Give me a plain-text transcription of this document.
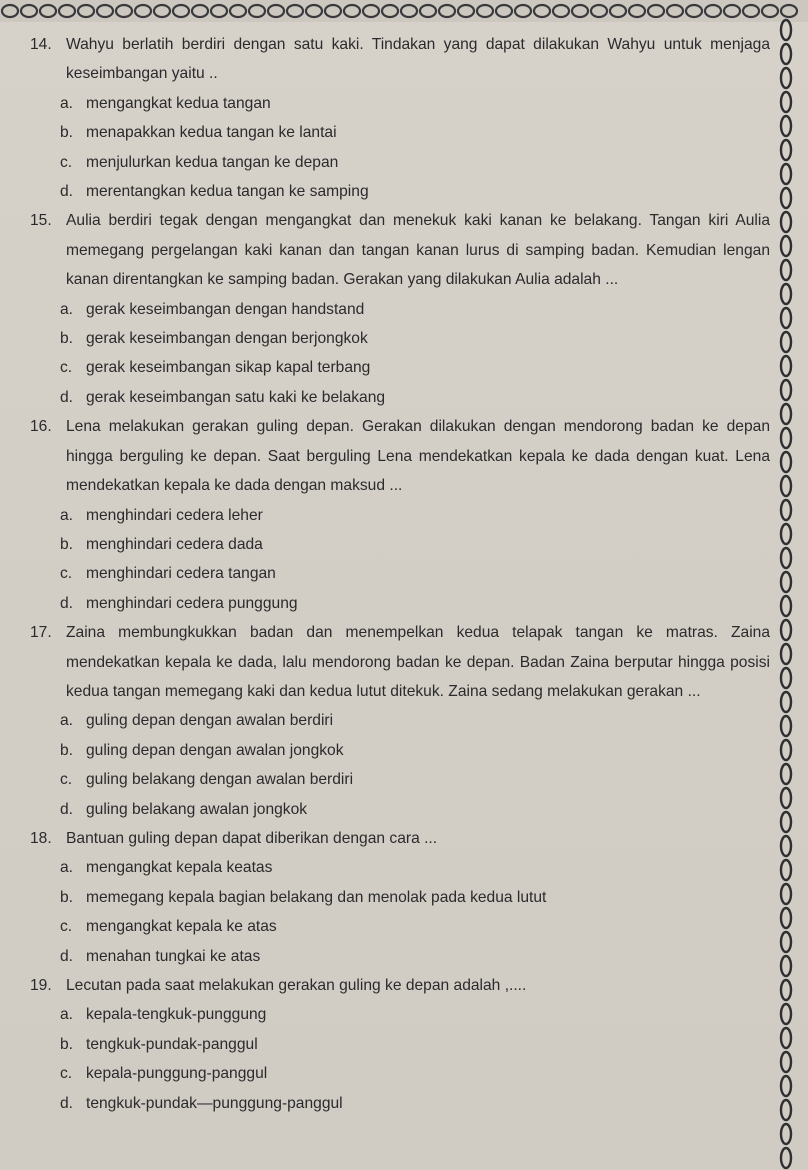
14. Wahyu berlatih berdiri dengan satu kaki. Tindakan yang dapat dilakukan Wahyu untuk menjaga keseimbangan yaitu ..
a. mengangkat kedua tangan
b. menapakkan kedua tangan ke lantai
c. menjulurkan kedua tangan ke depan
d. merentangkan kedua tangan ke samping
15. Aulia berdiri tegak dengan mengangkat dan menekuk kaki kanan ke belakang. Tangan kiri Aulia memegang pergelangan kaki kanan dan tangan kanan lurus di samping badan. Kemudian lengan kanan direntangkan ke samping badan. Gerakan yang dilakukan Aulia adalah ...
a. gerak keseimbangan dengan handstand
b. gerak keseimbangan dengan berjongkok
c. gerak keseimbangan sikap kapal terbang
d. gerak keseimbangan satu kaki ke belakang
16. Lena melakukan gerakan guling depan. Gerakan dilakukan dengan mendorong badan ke depan hingga berguling ke depan. Saat berguling Lena mendekatkan kepala ke dada dengan kuat. Lena mendekatkan kepala ke dada dengan maksud ...
a. menghindari cedera leher
b. menghindari cedera dada
c. menghindari cedera tangan
d. menghindari cedera punggung
17. Zaina membungkukkan badan dan menempelkan kedua telapak tangan ke matras. Zaina mendekatkan kepala ke dada, lalu mendorong badan ke depan. Badan Zaina berputar hingga posisi kedua tangan memegang kaki dan kedua lutut ditekuk. Zaina sedang melakukan gerakan ...
a. guling depan dengan awalan berdiri
b. guling depan dengan awalan jongkok
c. guling belakang dengan awalan berdiri
d. guling belakang awalan jongkok
18. Bantuan guling depan dapat diberikan dengan cara ...
a. mengangkat kepala keatas
b. memegang kepala bagian belakang dan menolak pada kedua lutut
c. mengangkat kepala ke atas
d. menahan tungkai ke atas
19. Lecutan pada saat melakukan gerakan guling ke depan adalah ,....
a. kepala-tengkuk-punggung
b. tengkuk-pundak-panggul
c. kepala-punggung-panggul
d. tengkuk-pundak—punggung-panggul
